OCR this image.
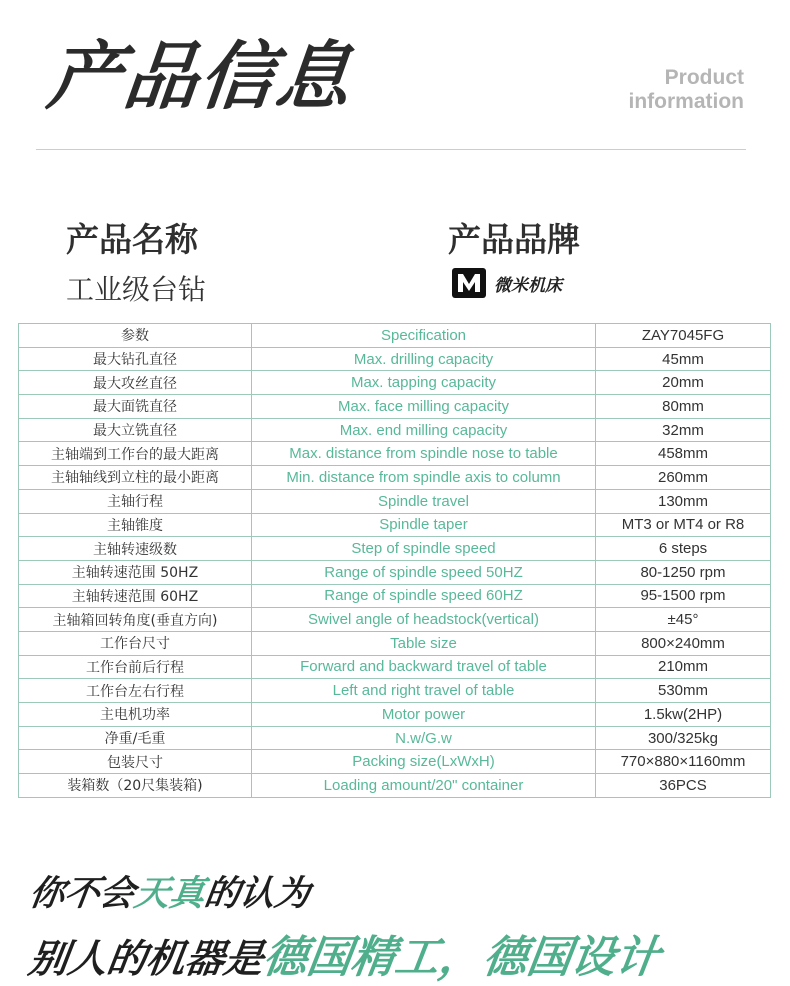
产品信息	Product
information
产品名称	产品品牌
工业级台钻	微米机床
参数	Specification	ZAY7045FG
最大钻孔直径	Max. drilling capacity	45mm
最大攻丝直径	Max. tapping capacity	20mm
最大面铣直径	Max. face milling capacity	80mm
最大立铣直径	Max. end milling capacity	32mm
主轴端到工作台的最大距离	Max. distance from spindle nose to table	458mm
主轴轴线到立柱的最小距离	Min. distance from spindle axis to column	260mm
主轴行程	Spindle travel	130mm
主轴锥度	Spindle taper	MT3 or MT4 or R8
主轴转速级数	Step of spindle speed	6 steps
主轴转速范围 50HZ	Range of spindle speed 50HZ	80-1250 rpm
主轴转速范围 60HZ	Range of spindle speed 60HZ	95-1500 rpm
主轴箱回转角度(垂直方向)	Swivel angle of headstock(vertical)	±45°
工作台尺寸	Table size	800×240mm
工作台前后行程	Forward and backward travel of table	210mm
工作台左右行程	Left and right travel of table	530mm
主电机功率	Motor power	1.5kw(2HP)
净重/毛重	N.w/G.w	300/325kg
包装尺寸	Packing size(LxWxH)	770×880×1160mm
装箱数（20尺集装箱)	Loading amount/20" container	36PCS
你不会天真的认为
别人的机器是德国精工，德国设计
